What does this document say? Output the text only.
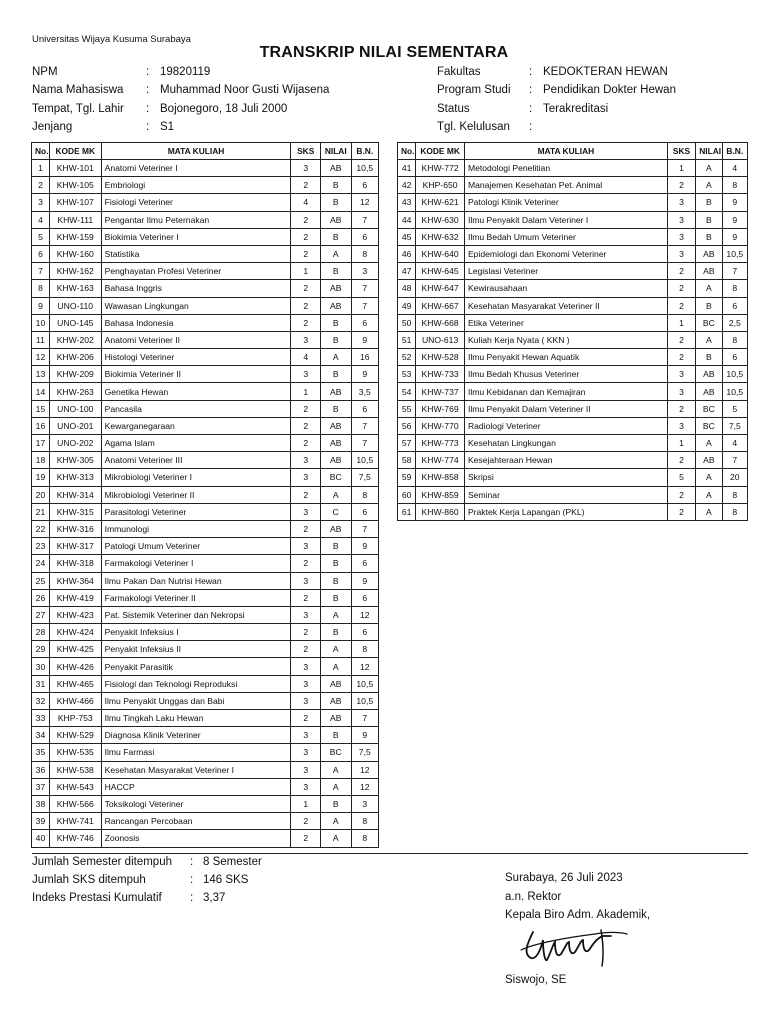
Universitas Wijaya Kusuma Surabaya
TRANSKRIP NILAI SEMENTARA
NPM	: 19820119
Nama Mahasiswa : Muhammad Noor Gusti Wijasena
Tempat, Tgl. Lahir : Bojonegoro, 18 Juli 2000
Jenjang	: S1
Fakultas	: KEDOKTERAN HEWAN
Program Studi : Pendidikan Dokter Hewan
Status	: Terakreditasi
Tgl. Kelulusan :
No.	KODE MK	MATA KULIAH	SKS	NILAI	B.N.
1	KHW-101	Anatomi Veteriner I	3	AB	10,5
2	KHW-105	Embriologi	2	B	6
3	KHW-107	Fisiologi Veteriner	4	B	12
4	KHW-111	Pengantar Ilmu Peternakan	2	AB	7
5	KHW-159	Biokimia Veteriner I	2	B	6
6	KHW-160	Statistika	2	A	8
7	KHW-162	Penghayatan Profesi Veteriner	1	B	3
8	KHW-163	Bahasa Inggris	2	AB	7
9	UNO-110	Wawasan Lingkungan	2	AB	7
10	UNO-145	Bahasa Indonesia	2	B	6
11	KHW-202	Anatomi Veteriner II	3	B	9
12	KHW-206	Histologi Veteriner	4	A	16
13	KHW-209	Biokimia Veteriner II	3	B	9
14	KHW-263	Genetika Hewan	1	AB	3,5
15	UNO-100	Pancasila	2	B	6
16	UNO-201	Kewarganegaraan	2	AB	7
17	UNO-202	Agama Islam	2	AB	7
18	KHW-305	Anatomi Veteriner III	3	AB	10,5
19	KHW-313	Mikrobiologi Veteriner I	3	BC	7,5
20	KHW-314	Mikrobiologi Veteriner II	2	A	8
21	KHW-315	Parasitologi Veteriner	3	C	6
22	KHW-316	Immunologi	2	AB	7
23	KHW-317	Patologi Umum Veteriner	3	B	9
24	KHW-318	Farmakologi Veteriner I	2	B	6
25	KHW-364	Ilmu Pakan Dan Nutrisi Hewan	3	B	9
26	KHW-419	Farmakologi Veteriner II	2	B	6
27	KHW-423	Pat. Sistemik Veteriner dan Nekropsi	3	A	12
28	KHW-424	Penyakit Infeksius I	2	B	6
29	KHW-425	Penyakit Infeksius II	2	A	8
30	KHW-426	Penyakit Parasitik	3	A	12
31	KHW-465	Fisiologi dan Teknologi Reproduksi	3	AB	10,5
32	KHW-466	Ilmu Penyakit Unggas dan Babi	3	AB	10,5
33	KHP-753	Ilmu Tingkah Laku Hewan	2	AB	7
34	KHW-529	Diagnosa Klinik Veteriner	3	B	9
35	KHW-535	Ilmu Farmasi	3	BC	7,5
36	KHW-538	Kesehatan Masyarakat Veteriner I	3	A	12
37	KHW-543	HACCP	3	A	12
38	KHW-566	Toksikologi Veteriner	1	B	3
39	KHW-741	Rancangan Percobaan	2	A	8
40	KHW-746	Zoonosis	2	A	8
No.	KODE MK	MATA KULIAH	SKS	NILAI	B.N.
41	KHW-772	Metodologi Penelitian	1	A	4
42	KHP-650	Manajemen Kesehatan Pet. Animal	2	A	8
43	KHW-621	Patologi Klinik Veteriner	3	B	9
44	KHW-630	Ilmu Penyakit Dalam Veteriner I	3	B	9
45	KHW-632	Ilmu Bedah Umum Veteriner	3	B	9
46	KHW-640	Epidemiologi dan Ekonomi Veteriner	3	AB	10,5
47	KHW-645	Legislasi Veteriner	2	AB	7
48	KHW-647	Kewirausahaan	2	A	8
49	KHW-667	Kesehatan Masyarakat Veteriner II	2	B	6
50	KHW-668	Etika Veteriner	1	BC	2,5
51	UNO-613	Kuliah Kerja Nyata ( KKN )	2	A	8
52	KHW-528	Ilmu Penyakit Hewan Aquatik	2	B	6
53	KHW-733	Ilmu Bedah Khusus Veteriner	3	AB	10,5
54	KHW-737	Ilmu Kebidanan dan Kemajiran	3	AB	10,5
55	KHW-769	Ilmu Penyakit Dalam Veteriner II	2	BC	5
56	KHW-770	Radiologi Veteriner	3	BC	7,5
57	KHW-773	Kesehatan Lingkungan	1	A	4
58	KHW-774	Kesejahteraan Hewan	2	AB	7
59	KHW-858	Skripsi	5	A	20
60	KHW-859	Seminar	2	A	8
61	KHW-860	Praktek Kerja Lapangan (PKL)	2	A	8
Jumlah Semester ditempuh : 8 Semester
Jumlah SKS ditempuh	: 146 SKS
Indeks Prestasi Kumulatif : 3,37
Surabaya, 26 Juli 2023
a.n. Rektor
Kepala Biro Adm. Akademik,
Siswojo, SE
